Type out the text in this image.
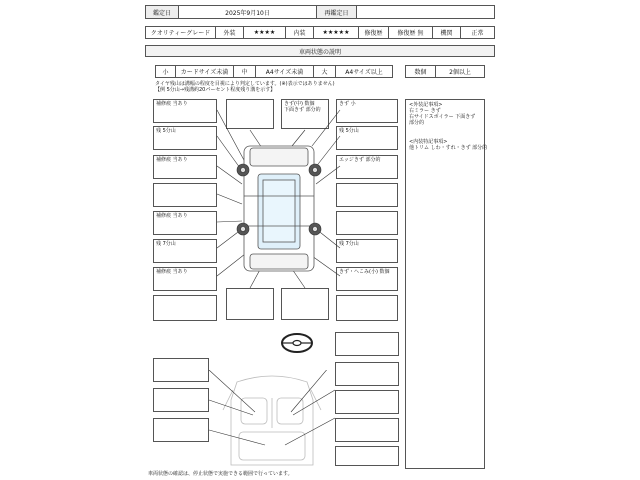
鑑定日	2025年9月10日	再鑑定日
クオリティーグレード	外装	★★★★	内装	★★★★★	修復歴	修復歴 無	機関	正常
車両状態の説明
小	カードサイズ未満	中	A4サイズ未満	大	A4サイズ以上	数個	2個以上
タイヤ残山は溝幅の程度を目視により判定しています。(※)表示ではありません)
【例 5分山→残溝約20パーセント程度残り溝を示す】
補修痕 当あり
残 5分山
補修痕 当あり
補修痕 当あり
残 7分山
補修痕 当あり
きず(中) 数個
下面きず 部分的
きず 小
残 5分山
エッジきず 部分的
残 7分山
きず・へこみ(小) 数個
<外装記事項>
右ミラー きず
右サイドスポイラー 下面きず
部分的
<内装特記事項>
他トリム しわ・すれ・きず 部分的
車両状態の確認は、停止状態で実施できる範囲で行っています。
